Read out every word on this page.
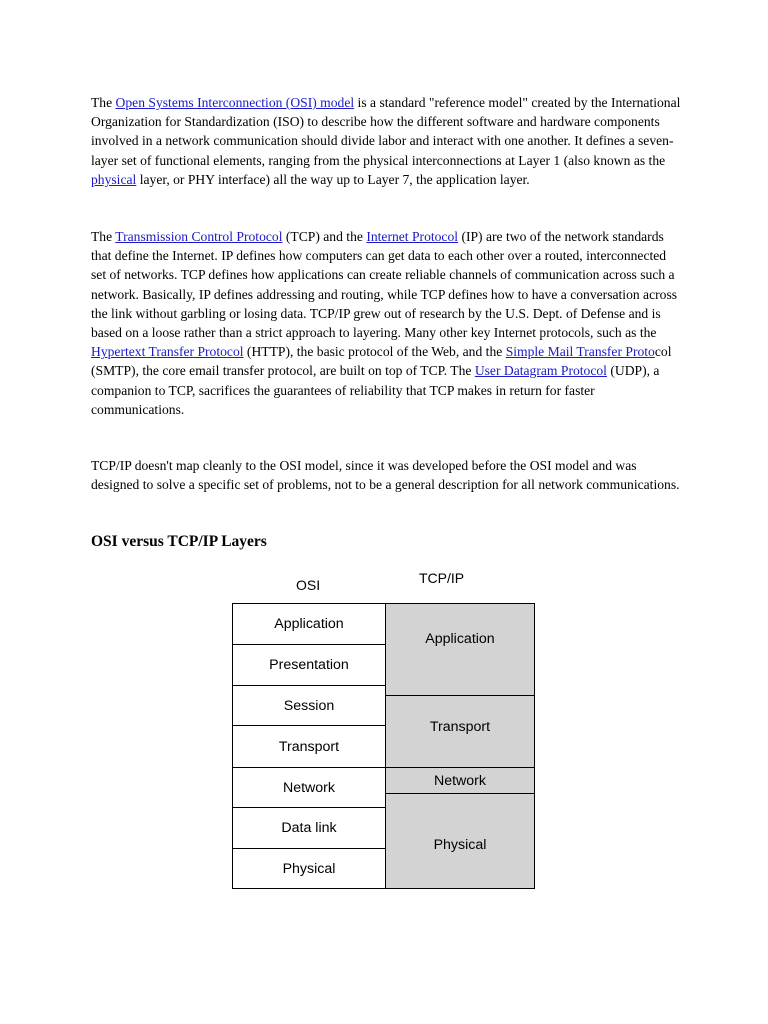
The Open Systems Interconnection (OSI) model is a standard "reference model" created by the International Organization for Standardization (ISO) to describe how the different software and hardware components involved in a network communication should divide labor and interact with one another. It defines a seven-layer set of functional elements, ranging from the physical interconnections at Layer 1 (also known as the physical layer, or PHY interface) all the way up to Layer 7, the application layer.

The Transmission Control Protocol (TCP) and the Internet Protocol (IP) are two of the network standards that define the Internet. IP defines how computers can get data to each other over a routed, interconnected set of networks. TCP defines how applications can create reliable channels of communication across such a network. Basically, IP defines addressing and routing, while TCP defines how to have a conversation across the link without garbling or losing data. TCP/IP grew out of research by the U.S. Dept. of Defense and is based on a loose rather than a strict approach to layering. Many other key Internet protocols, such as the Hypertext Transfer Protocol (HTTP), the basic protocol of the Web, and the Simple Mail Transfer Protocol (SMTP), the core email transfer protocol, are built on top of TCP. The User Datagram Protocol (UDP), a companion to TCP, sacrifices the guarantees of reliability that TCP makes in return for faster communications.

TCP/IP doesn't map cleanly to the OSI model, since it was developed before the OSI model and was designed to solve a specific set of problems, not to be a general description for all network communications.

OSI versus TCP/IP Layers
OSI	TCP/IP
Application
Presentation
Session
Transport
Network
Data link
Physical
Application
Transport
Network
Physical
